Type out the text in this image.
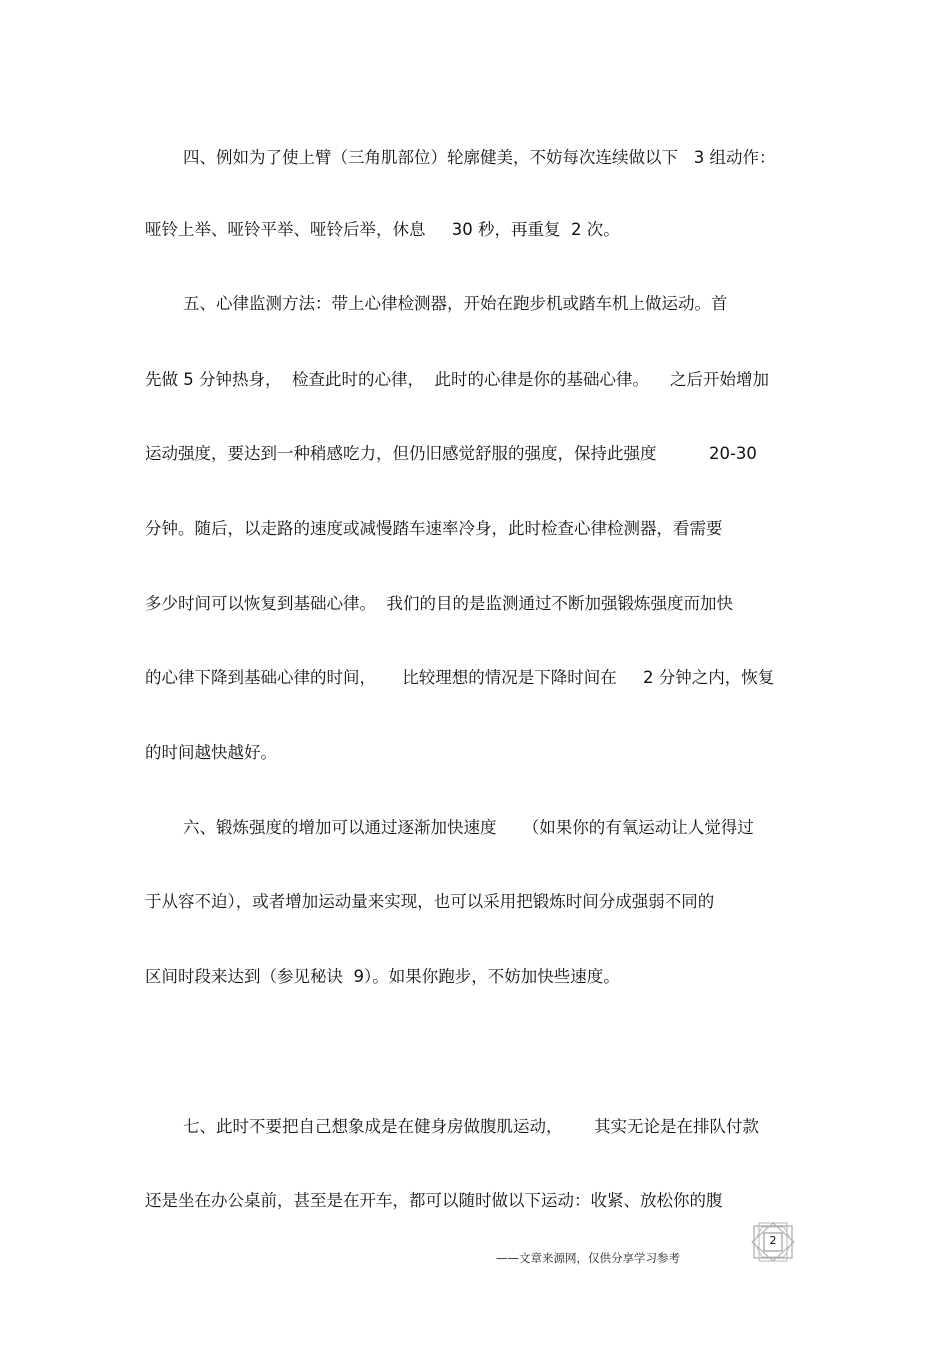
四、例如为了使上臂（三角肌部位）轮廓健美，不妨每次连续做以下   3 组动作：

哑铃上举、哑铃平举、哑铃后举，休息     30 秒，再重复  2 次。

五、心律监测方法：带上心律检测器，开始在跑步机或踏车机上做运动。首

先做 5 分钟热身，  检查此时的心律，  此时的心律是你的基础心律。    之后开始增加

运动强度，要达到一种稍感吃力，但仍旧感觉舒服的强度，保持此强度          20-30

分钟。随后，以走路的速度或减慢踏车速率冷身，此时检查心律检测器，看需要

多少时间可以恢复到基础心律。  我们的目的是监测通过不断加强锻炼强度而加快

的心律下降到基础心律的时间，     比较理想的情况是下降时间在     2 分钟之内，恢复

的时间越快越好。

六、锻炼强度的增加可以通过逐渐加快速度     （如果你的有氧运动让人觉得过

于从容不迫），或者增加运动量来实现，也可以采用把锻炼时间分成强弱不同的

区间时段来达到（参见秘诀  9）。如果你跑步，不妨加快些速度。

七、此时不要把自己想象成是在健身房做腹肌运动，      其实无论是在排队付款

还是坐在办公桌前，甚至是在开车，都可以随时做以下运动：收紧、放松你的腹

——文章来源网，仅供分享学习参考
2
